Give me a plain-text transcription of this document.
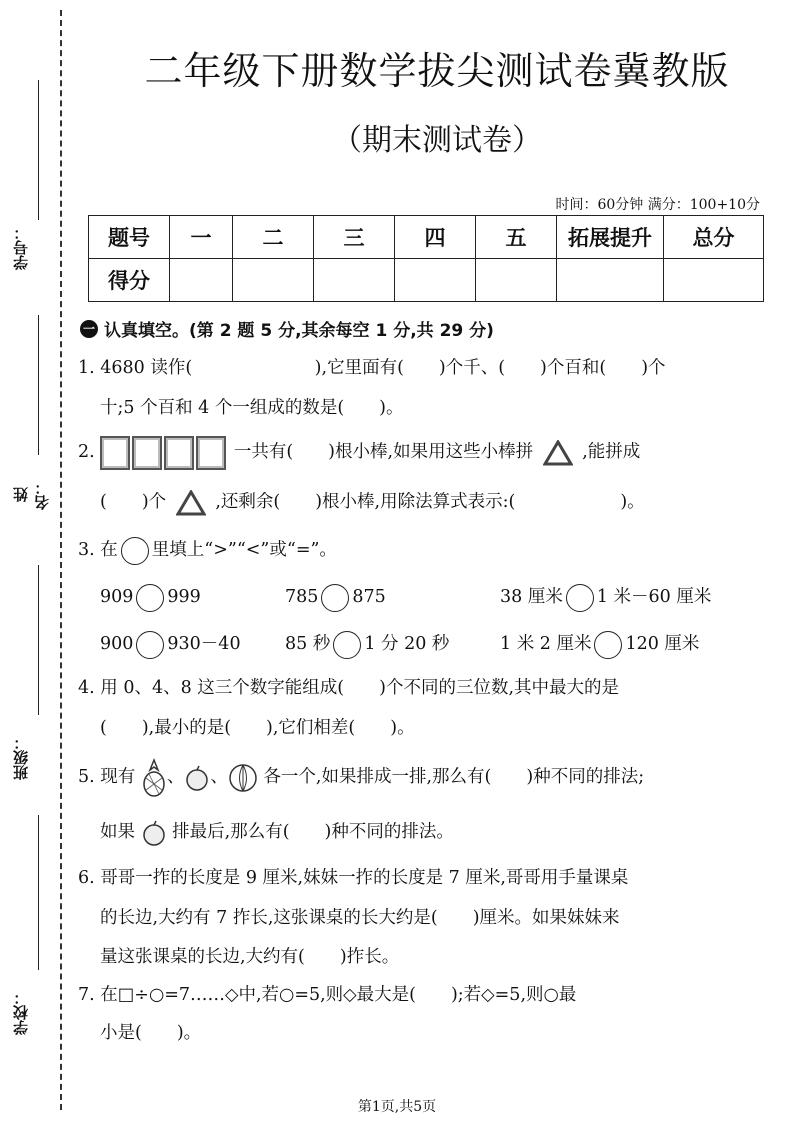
学号：
姓名：
班级：
学校：
二年级下册数学拔尖测试卷冀教版
（期末测试卷）
时间：60分钟 满分：100+10分
题号	一	二	三	四	五	拓展提升	总分
得分							
一 认真填空。(第 2 题 5 分,其余每空 1 分,共 29 分)
1. 4680 读作(　　　　　　　),它里面有(　　)个千、(　　)个百和(　　)个
十;5 个百和 4 个一组成的数是(　　)。
2.	一共有(　　)根小棒,如果用这些小棒拼	,能拼成
(　　)个	,还剩余(　　)根小棒,用除法算式表示:(　　　　　　)。
3. 在 里填上“>”“<”或“=”。
909 999	785 875	38 厘米 1 米－60 厘米
900 930－40	85 秒 1 分 20 秒	1 米 2 厘米 120 厘米
4. 用 0、4、8 这三个数字能组成(　　)个不同的三位数,其中最大的是
(　　),最小的是(　　),它们相差(　　)。
5. 现有 、 、 各一个,如果排成一排,那么有(　　)种不同的排法;
如果 排最后,那么有(　　)种不同的排法。
6. 哥哥一拃的长度是 9 厘米,妹妹一拃的长度是 7 厘米,哥哥用手量课桌
的长边,大约有 7 拃长,这张课桌的长大约是(　　)厘米。如果妹妹来
量这张课桌的长边,大约有(　　)拃长。
7. 在□÷○=7……◇中,若○=5,则◇最大是(　　);若◇=5,则○最
小是(　　)。
第1页,共5页
